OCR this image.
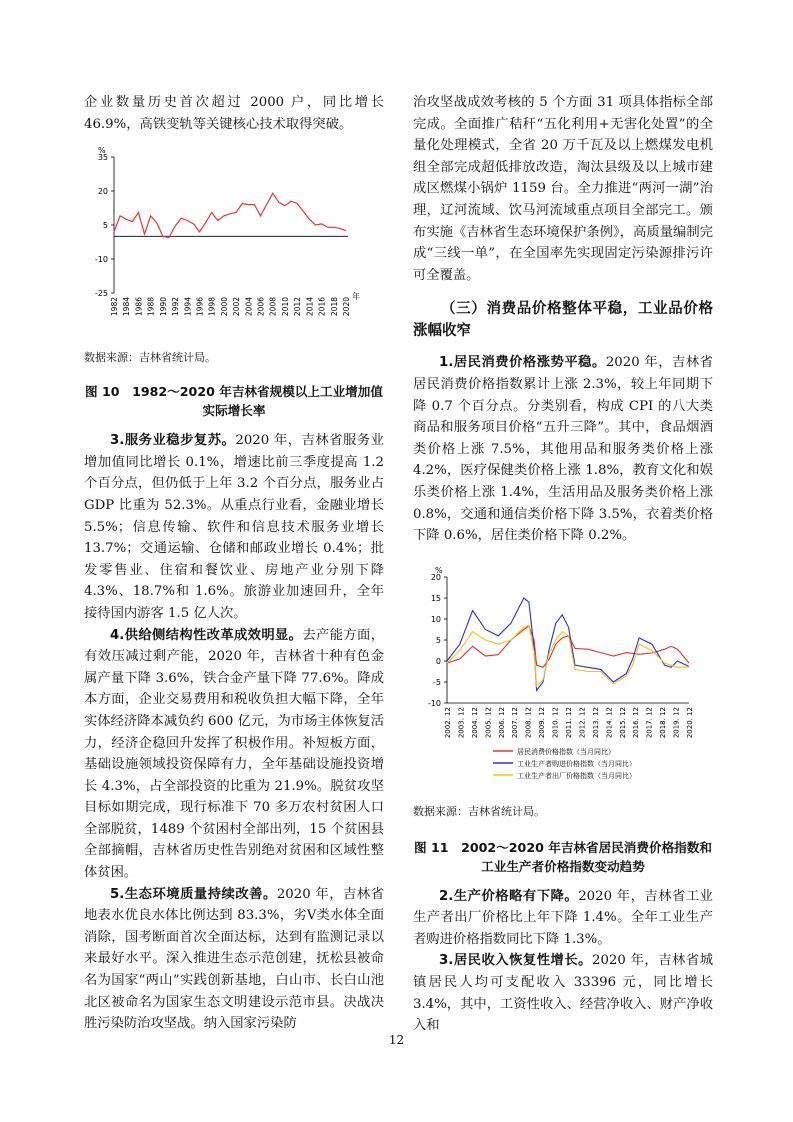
企业数量历史首次超过 2000 户，同比增长 46.9%，高铁变轨等关键核心技术取得突破。

%
35
20
5
-10
-25
1982 1984 1986 1988 1990 1992 1994 1996 1998 2000 2002 2004 2006 2008 2010 2012 2014 2016 2018 2020
年

数据来源：吉林省统计局。

图 10　1982～2020 年吉林省规模以上工业增加值实际增长率

3.服务业稳步复苏。2020 年，吉林省服务业增加值同比增长 0.1%，增速比前三季度提高 1.2 个百分点，但仍低于上年 3.2 个百分点，服务业占 GDP 比重为 52.3%。从重点行业看，金融业增长 5.5%；信息传输、软件和信息技术服务业增长 13.7%；交通运输、仓储和邮政业增长 0.4%；批发零售业、住宿和餐饮业、房地产业分别下降 4.3%、18.7%和 1.6%。旅游业加速回升，全年接待国内游客 1.5 亿人次。

4.供给侧结构性改革成效明显。去产能方面，有效压减过剩产能，2020 年，吉林省十种有色金属产量下降 3.6%，铁合金产量下降 77.6%。降成本方面，企业交易费用和税收负担大幅下降，全年实体经济降本减负约 600 亿元，为市场主体恢复活力，经济企稳回升发挥了积极作用。补短板方面，基础设施领域投资保障有力，全年基础设施投资增长 4.3%，占全部投资的比重为 21.9%。脱贫攻坚目标如期完成，现行标准下 70 多万农村贫困人口全部脱贫，1489 个贫困村全部出列，15 个贫困县全部摘帽，吉林省历史性告别绝对贫困和区域性整体贫困。

5.生态环境质量持续改善。2020 年，吉林省地表水优良水体比例达到 83.3%，劣Ⅴ类水体全面消除，国考断面首次全面达标，达到有监测记录以来最好水平。深入推进生态示范创建，抚松县被命名为国家“两山”实践创新基地，白山市、长白山池北区被命名为国家生态文明建设示范市县。决战决胜污染防治攻坚战。纳入国家污染防

治攻坚战成效考核的 5 个方面 31 项具体指标全部完成。全面推广秸秆“五化利用+无害化处置”的全量化处理模式，全省 20 万千瓦及以上燃煤发电机组全部完成超低排放改造，淘汰县级及以上城市建成区燃煤小锅炉 1159 台。全力推进“两河一湖”治理，辽河流域、饮马河流域重点项目全部完工。颁布实施《吉林省生态环境保护条例》，高质量编制完成“三线一单”，在全国率先实现固定污染源排污许可全覆盖。

（三）消费品价格整体平稳，工业品价格涨幅收窄

1.居民消费价格涨势平稳。2020 年，吉林省居民消费价格指数累计上涨 2.3%，较上年同期下降 0.7 个百分点。分类别看，构成 CPI 的八大类商品和服务项目价格“五升三降”。其中，食品烟酒类价格上涨 7.5%，其他用品和服务类价格上涨 4.2%，医疗保健类价格上涨 1.8%，教育文化和娱乐类价格上涨 1.4%，生活用品及服务类价格上涨 0.8%，交通和通信类价格下降 3.5%，衣着类价格下降 0.6%，居住类价格下降 0.2%。

%
20
15
10
5
0
-5
-10
2002. 12 2003. 12 2004. 12 2005. 12 2006. 12 2007. 12 2008. 12 2009. 12 2010. 12 2011. 12 2012. 12 2013. 12 2014. 12 2015. 12 2016. 12 2017. 12 2018. 12 2019. 12 2020. 12
居民消费价格指数（当月同比）
工业生产者购进价格指数（当月同比）
工业生产者出厂价格指数（当月同比）

数据来源：吉林省统计局。

图 11　2002～2020 年吉林省居民消费价格指数和工业生产者价格指数变动趋势

2.生产价格略有下降。2020 年，吉林省工业生产者出厂价格比上年下降 1.4%。全年工业生产者购进价格指数同比下降 1.3%。

3.居民收入恢复性增长。2020 年，吉林省城镇居民人均可支配收入 33396 元，同比增长 3.4%，其中，工资性收入、经营净收入、财产净收入和

12
